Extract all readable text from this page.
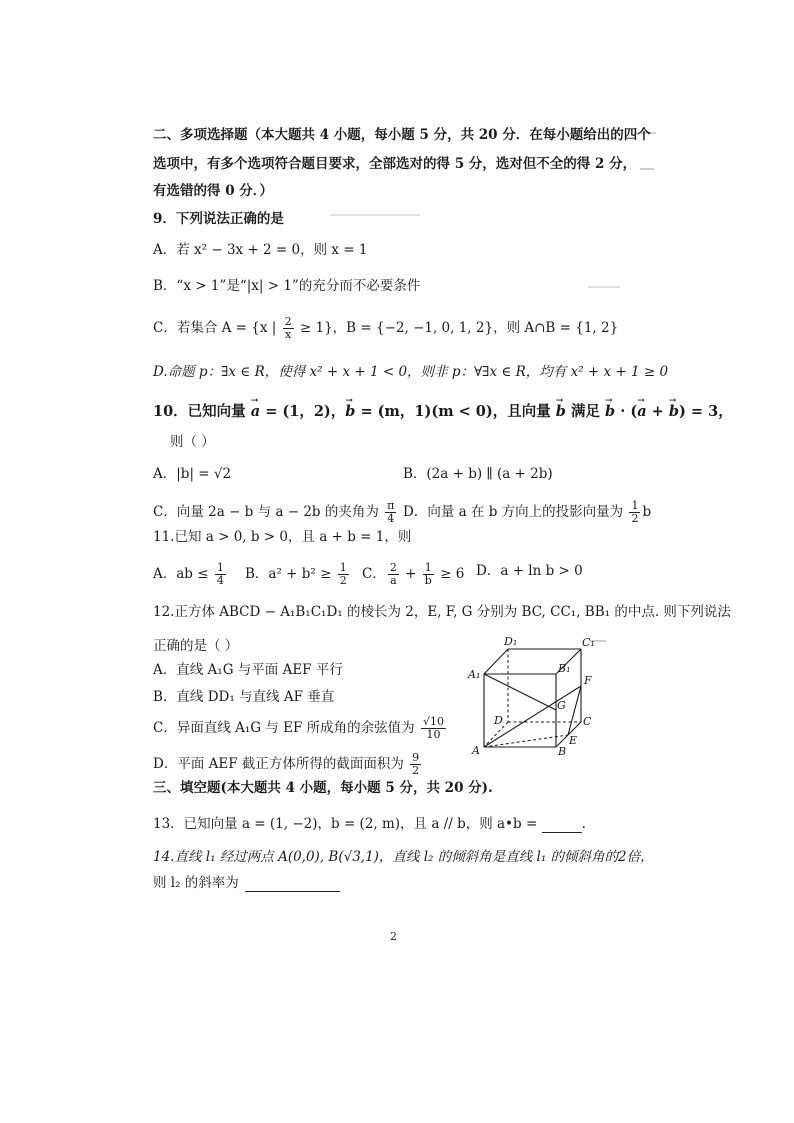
二、多项选择题（本大题共 4 小题，每小题 5 分，共 20 分．在每小题给出的四个
选项中，有多个选项符合题目要求，全部选对的得 5 分，选对但不全的得 2 分，
有选错的得 0 分．）
9．下列说法正确的是
A．若 x² − 3x + 2 = 0，则 x = 1
B．“x > 1”是“|x| > 1”的充分而不必要条件
C．若集合 A = {x | $\frac{2}{x} \ge 1$}，B = {−2, −1, 0, 1, 2}，则 A∩B = {1, 2}
D.命题 p：∃x ∈ R，使得 x² + x + 1 < 0，则非 p：∀∃x ∈ R，均有 x² + x + 1 ≥ 0
10．已知向量 → a = (1，2)，→ b = (m，1)(m < 0)，且向量 → b 满足 → b · (→ a + → b) = 3，
则（ ）
A．|b| = √2	B．(2a + b) ∥ (a + 2b)
C．向量 2a − b 与 a − 2b 的夹角为 $\frac{\pi}{4}$ D．向量 a 在 b 方向上的投影向量为 $\frac{1}{2}$ b
11.已知 a > 0, b > 0，且 a + b = 1，则
A．ab ≤ $\frac{1}{4}$ B．$a^2 + b^2 \ge \frac{1}{2}$ C． $\frac{2}{a} + \frac{1}{b} \ge 6$ D．a + ln b > 0
12.正方体 ABCD − A₁B₁C₁D₁ 的棱长为 2，E, F, G 分别为 BC, CC₁, BB₁ 的中点. 则下列说法
正确的是（ ）
A．直线 A₁G 与平面 AEF 平行
B．直线 DD₁ 与直线 AF 垂直
C．异面直线 A₁G 与 EF 所成角的余弦值为 $\frac{√10}{10}$
D．平面 AEF 截正方体所得的截面面积为 $\frac{9}{2}$
D₁	C₁
A₁	B₁
F
G
D	C
A	B
E
三、填空题(本大题共 4 小题，每小题 5 分，共 20 分).
13．已知向量 a = (1, −2)，b = (2, m)，且 a // b，则 a•b =	.
14.直线 l₁ 经过两点 A(0,0), B(√3,1)，直线 l₂ 的倾斜角是直线 l₁ 的倾斜角的2倍，
则 l₂ 的斜率为
2
